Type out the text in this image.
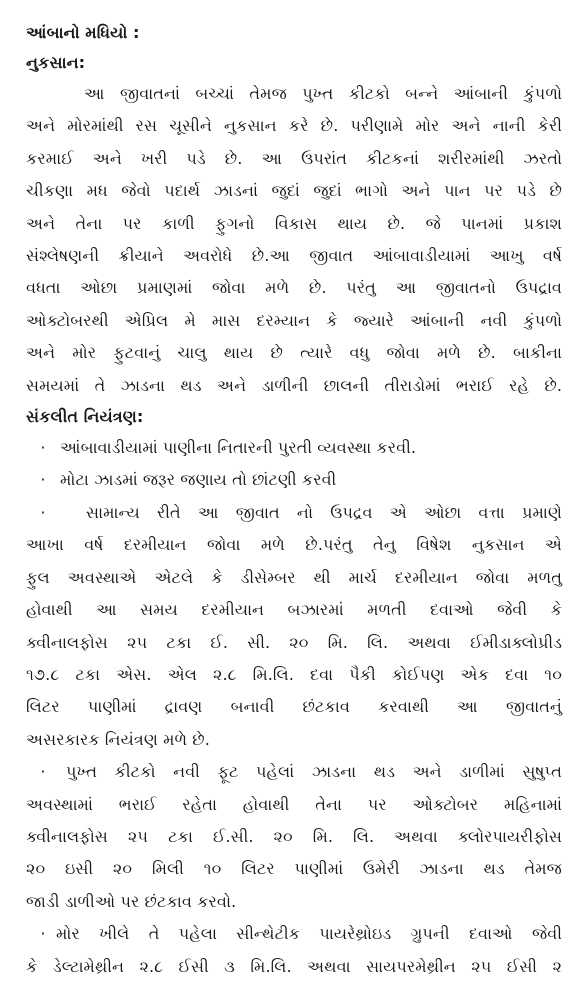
આંબાનો મધિયો :

નુકસાન:

આ જીવાતનાં બચ્ચાં તેમજ પુખ્ત કીટકો બન્ને આંબાની કુંપળો
અને મોરમાંથી રસ ચૂસીને નુકસાન કરે છે. પરીણામે મોર અને નાની કેરી
કરમાઈ અને ખરી પડે છે. આ ઉપરાંત કીટકનાં શરીરમાંથી ઝરતો
ચીકણા મધ જેવો પદાર્થ ઝાડનાં જુદાં જુદાં ભાગો અને પાન પર પડે છે
અને તેના પર કાળી ફુગનો વિકાસ થાય છે. જે પાનમાં પ્રકાશ
સંશ્લેષણની ક્રીયાને અવરોધે છે.આ જીવાત આંબાવાડીયામાં આખુ વર્ષ
વધતા ઓછા પ્રમાણમાં જોવા મળે છે. પરંતુ આ જીવાતનો ઉપદ્રાવ
ઓક્ટોબરથી એપ્રિલ મે માસ દરમ્યાન કે જ્યારે આંબાની નવી કુંપળો
અને મોર ફુટવાનું ચાલુ થાય છે ત્યારે વધુ જોવા મળે છે. બાકીના
સમયમાં તે ઝાડના થડ અને ડાળીની છાલની તીરાડોમાં ભરાઈ રહે છે.

સંકલીત નિયંત્રણ:

· આંબાવાડીયામાં પાણીના નિતારની પુરતી વ્યવસ્થા કરવી.
· મોટા ઝાડમાં જરૂર જણાય તો છાંટણી કરવી
·	સામાન્ય રીતે આ જીવાત નો ઉપદ્રવ એ ઓછા વત્તા પ્રમાણે
આખા વર્ષ દરમીયાન જોવા મળે છે.પરંતુ તેનુ વિષેશ નુકસાન એ
ફુલ અવસ્થાએ એટલે કે ડીસેમ્બર થી માર્ચ દરમીયાન જોવા મળતુ
હોવાથી આ સમય દરમીયાન બઝારમાં મળતી દવાઓ જેવી કે
ક્વીનાલફોસ ૨૫ ટકા ઈ. સી. ૨૦ મિ. લિ. અથવા ઈમીડાક્લોપ્રીડ
૧૭.૮ ટકા એસ. એલ ૨.૮ મિ.લિ. દવા પૈકી કોઈપણ એક દવા ૧૦
લિટર પાણીમાં દ્રાવણ બનાવી છંટકાવ કરવાથી આ જીવાતનું
અસરકારક નિયંત્રણ મળે છે.
·	પુખ્ત કીટકો નવી ફૂટ પહેલાં ઝાડના થડ અને ડાળીમાં સુષુપ્ત
અવસ્થામાં ભરાઈ રહેતા હોવાથી તેના પર ઓક્ટોબર મહિનામાં
ક્વીનાલફોસ ૨૫ ટકા ઈ.સી. ૨૦ મિ. લિ. અથવા ક્લોરપાયરીફોસ
૨૦ ઇસી ૨૦ મિલી ૧૦ લિટર પાણીમાં ઉમેરી ઝાડના થડ તેમજ
જાડી ડાળીઓ પર છંટકાવ કરવો.
· મોર ખીલે તે પહેલા સીન્થેટીક પાયરેથ્રોઇડ ગ્રુપની દવાઓ જેવી
કે ડેલ્ટામેથ્રીન ૨.૮ ઈસી ૩ મિ.લિ. અથવા સાયપરમેથ્રીન ૨૫ ઈસી ૨
